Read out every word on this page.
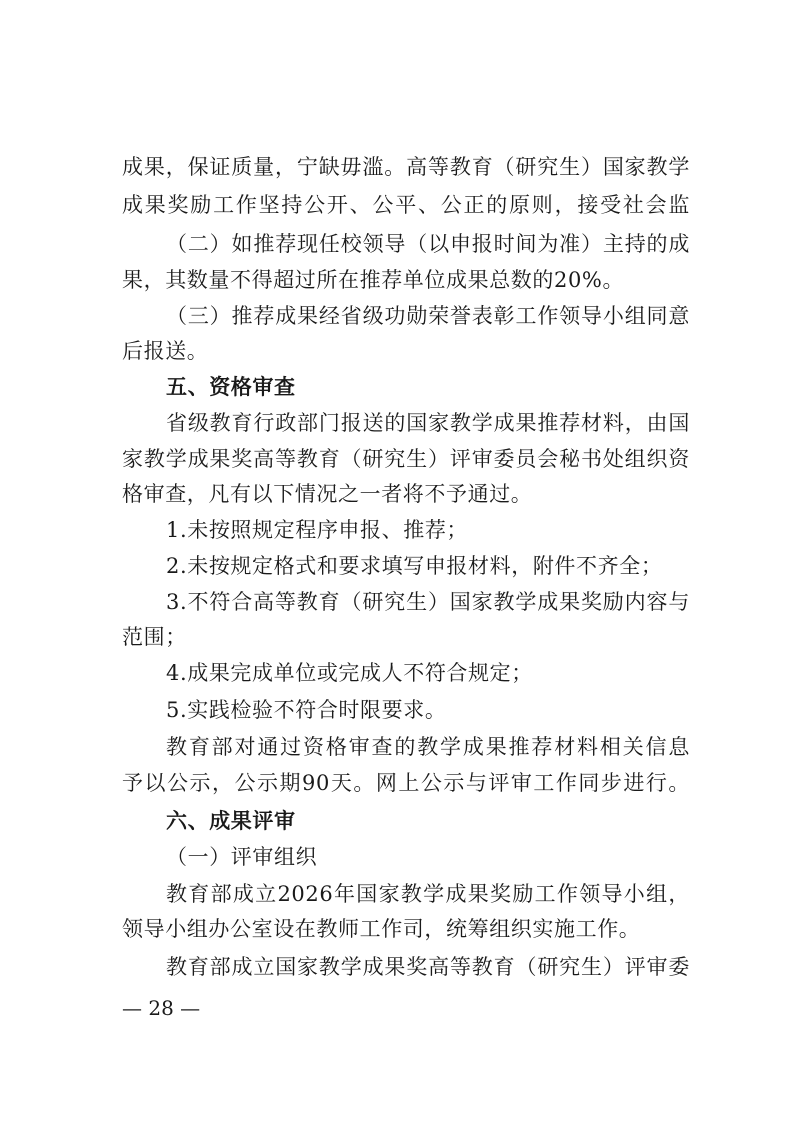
成果，保证质量，宁缺毋滥。高等教育（研究生）国家教学
成果奖励工作坚持公开、公平、公正的原则，接受社会监
（二）如推荐现任校领导（以申报时间为准）主持的成
果，其数量不得超过所在推荐单位成果总数的20%。
（三）推荐成果经省级功勋荣誉表彰工作领导小组同意
后报送。
五、资格审查
省级教育行政部门报送的国家教学成果推荐材料，由国
家教学成果奖高等教育（研究生）评审委员会秘书处组织资
格审查，凡有以下情况之一者将不予通过。
1.未按照规定程序申报、推荐；
2.未按规定格式和要求填写申报材料，附件不齐全；
3.不符合高等教育（研究生）国家教学成果奖励内容与
范围；
4.成果完成单位或完成人不符合规定；
5.实践检验不符合时限要求。
教育部对通过资格审查的教学成果推荐材料相关信息
予以公示，公示期90天。网上公示与评审工作同步进行。
六、成果评审
（一）评审组织
教育部成立2026年国家教学成果奖励工作领导小组，
领导小组办公室设在教师工作司，统筹组织实施工作。
教育部成立国家教学成果奖高等教育（研究生）评审委
— 28 —
